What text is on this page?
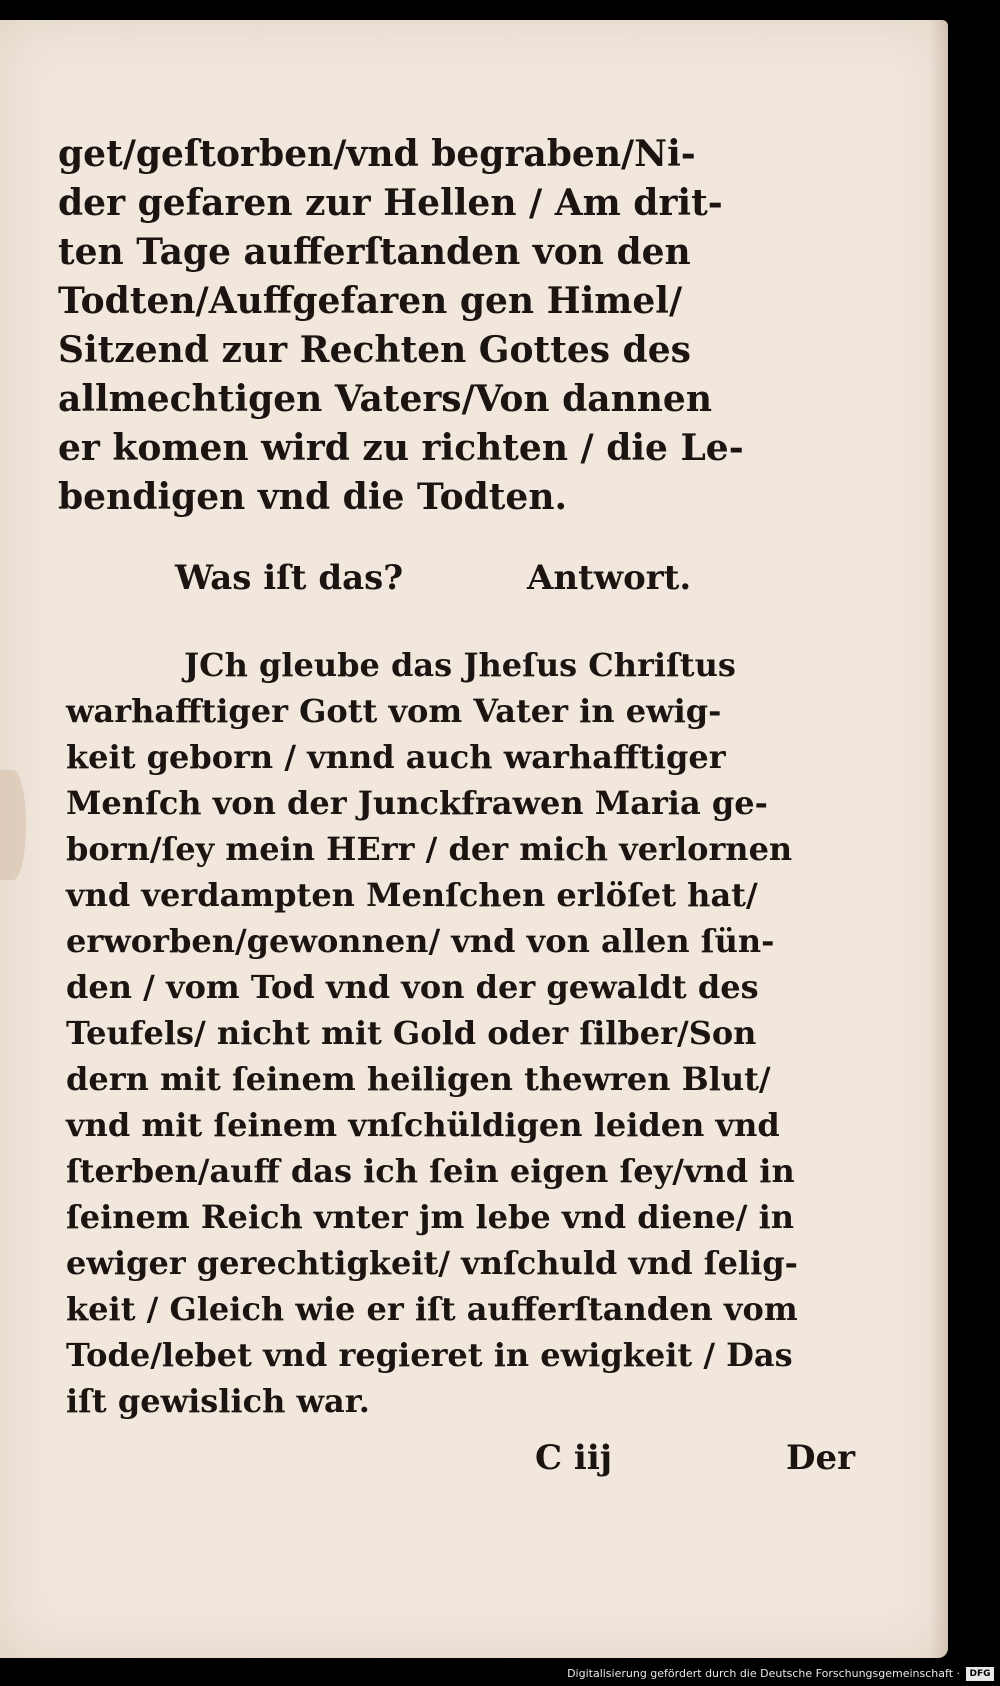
get/geſtorben/vnd begraben/Ni-
der gefaren zur Hellen / Am drit-
ten Tage aufferſtanden von den
Todten/Auffgefaren gen Himel/
Sitzend zur Rechten Gottes des
allmechtigen Vaters/Von dannen
er komen wird zu richten / die Le-
bendigen vnd die Todten.
Was iſt das?	Antwort.
JCh gleube das Jheſus Chriſtus
warhafftiger Gott vom Vater in ewig-
keit geborn / vnnd auch warhafftiger
Menſch von der Junckfrawen Maria ge-
born/ſey mein HErr / der mich verlornen
vnd verdampten Menſchen erlöſet hat/
erworben/gewonnen/ vnd von allen ſün-
den / vom Tod vnd von der gewaldt des
Teufels/ nicht mit Gold oder ſilber/Son
dern mit ſeinem heiligen thewren Blut/
vnd mit ſeinem vnſchüldigen leiden vnd
ſterben/auff das ich ſein eigen ſey/vnd in
ſeinem Reich vnter jm lebe vnd diene/ in
ewiger gerechtigkeit/ vnſchuld vnd ſelig-
keit / Gleich wie er iſt aufferſtanden vom
Tode/lebet vnd regieret in ewigkeit / Das
iſt gewislich war.
C iij	Der
Digitalisierung gefördert durch die Deutsche Forschungsgemeinschaft ·	DFG
